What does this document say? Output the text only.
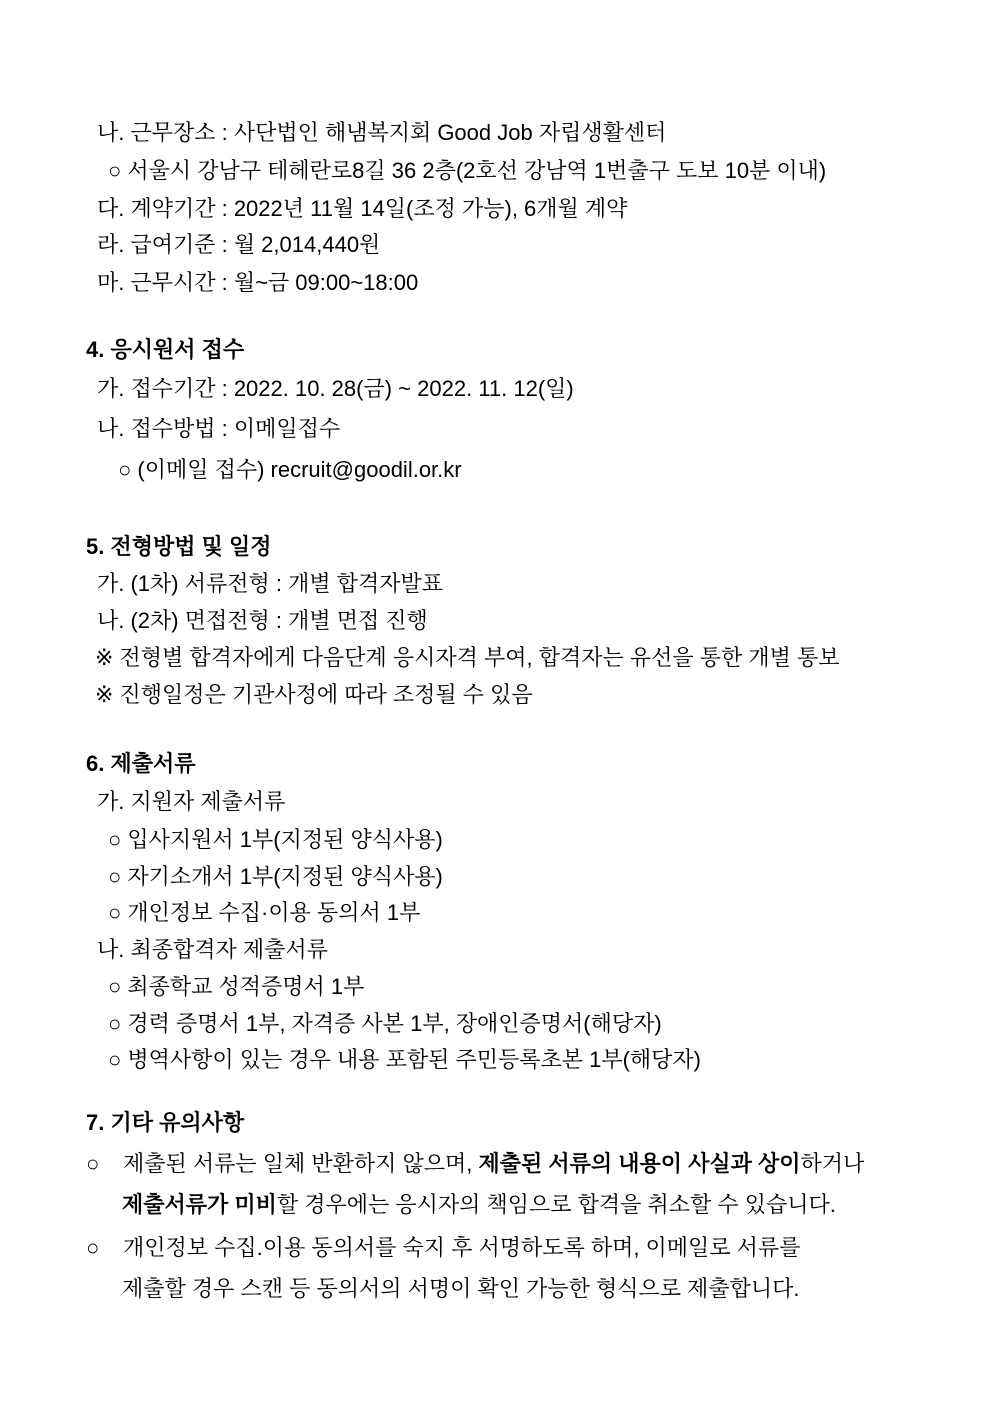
나. 근무장소 : 사단법인 해냄복지회 Good Job 자립생활센터
○ 서울시 강남구 테헤란로8길 36 2층(2호선 강남역 1번출구 도보 10분 이내)
다. 계약기간 : 2022년 11월 14일(조정 가능), 6개월 계약
라. 급여기준 : 월 2,014,440원
마. 근무시간 : 월~금 09:00~18:00
4. 응시원서 접수
가. 접수기간 : 2022. 10. 28(금) ~ 2022. 11. 12(일)
나. 접수방법 : 이메일접수
○ (이메일 접수) recruit@goodil.or.kr
5. 전형방법 및 일정
가. (1차) 서류전형 : 개별 합격자발표
나. (2차) 면접전형 : 개별 면접 진행
※ 전형별 합격자에게 다음단계 응시자격 부여, 합격자는 유선을 통한 개별 통보
※ 진행일정은 기관사정에 따라 조정될 수 있음
6. 제출서류
가. 지원자 제출서류
○ 입사지원서 1부(지정된 양식사용)
○ 자기소개서 1부(지정된 양식사용)
○ 개인정보 수집·이용 동의서 1부
나. 최종합격자 제출서류
○ 최종학교 성적증명서 1부
○ 경력 증명서 1부, 자격증 사본 1부, 장애인증명서(해당자)
○ 병역사항이 있는 경우 내용 포함된 주민등록초본 1부(해당자)
7. 기타 유의사항
○ 제출된 서류는 일체 반환하지 않으며, 제출된 서류의 내용이 사실과 상이하거나
제출서류가 미비할 경우에는 응시자의 책임으로 합격을 취소할 수 있습니다.
○ 개인정보 수집.이용 동의서를 숙지 후 서명하도록 하며, 이메일로 서류를
제출할 경우 스캔 등 동의서의 서명이 확인 가능한 형식으로 제출합니다.
